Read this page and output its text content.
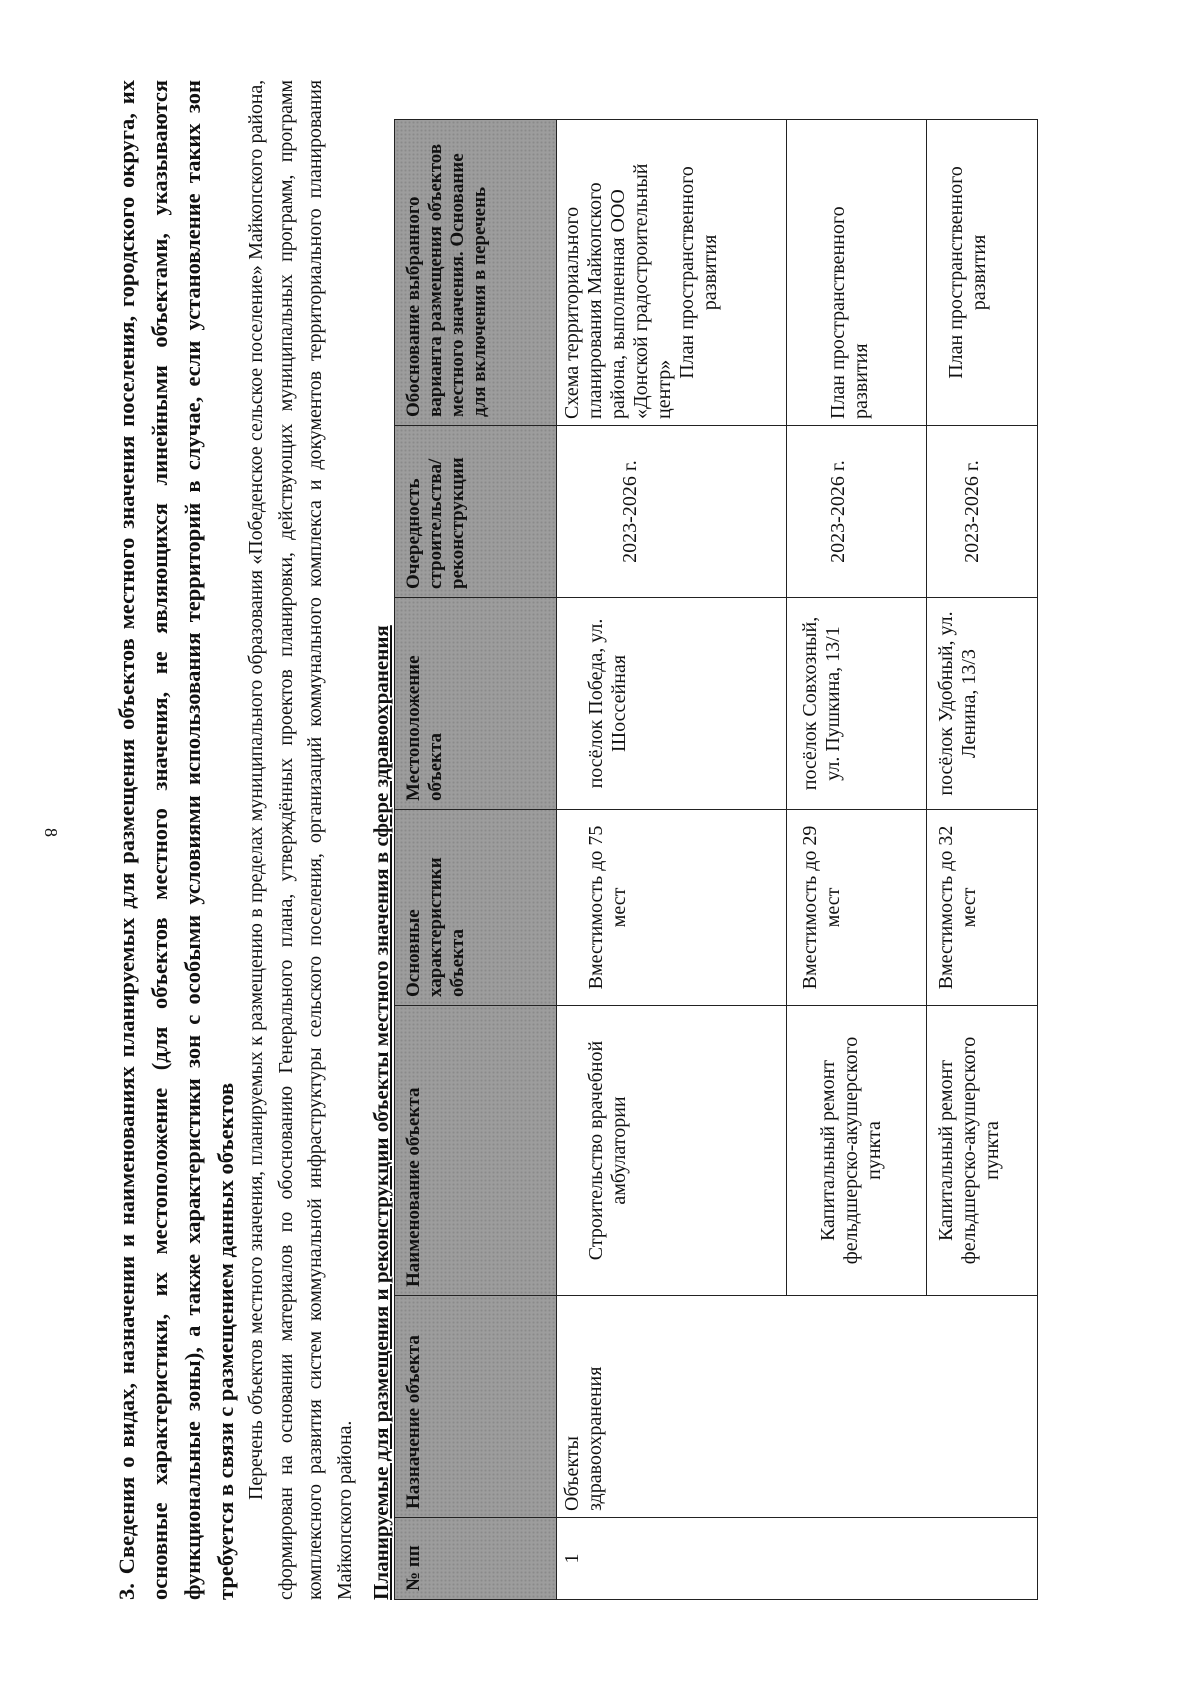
8 3. Сведения о видах, назначении и наименованиях планируемых для размещения объектов местного значения поселения, городского округа, их основные характеристики, их местоположение (для объектов местного значения, не являющихся линейными объектами, указываются функциональные зоны), а также характеристики зон с особыми условиями использования территорий в случае, если установление таких зон требуется в связи с размещением данных объектов Перечень объектов местного значения, планируемых к размещению в пределах муниципального образования «Победенское сельское поселение» Майкопского района, сформирован на основании материалов по обоснованию Генерального плана, утверждённых проектов планировки, действующих муниципальных программ, программ комплексного развития систем коммунальной инфраструктуры сельского поселения, организаций коммунального комплекса и документов территориального планирования Майкопского района. Планируемые для размещения и реконструкции объекты местного значения в сфере здравоохранения № пп	Назначение объекта	Наименование объекта	Основные характеристики объекта	Местоположение объекта	Очередность строительства/ реконструкции	Обоснование выбранного варианта размещения объектов местного значения. Основание для включения в перечень
1	Объекты здравоохранения	Строительство врачебной амбулатории	Вместимость до 75 мест	посёлок Победа, ул. Шоссейная	2023-2026 г.	Схема территориального планирования Майкопского района, выполненная ООО «Донской градостроительный центр»
План пространственного развития

		Капитальный ремонт фельдшерско-акушерского пункта	Вместимость до 29 мест	посёлок Совхозный, ул. Пушкина, 13/1	2023-2026 г.	План пространственного развития
		Капитальный ремонт фельдшерско-акушерского пункта	Вместимость до 32 мест	посёлок Удобный, ул. Ленина, 13/3	2023-2026 г.	План пространственного развития
